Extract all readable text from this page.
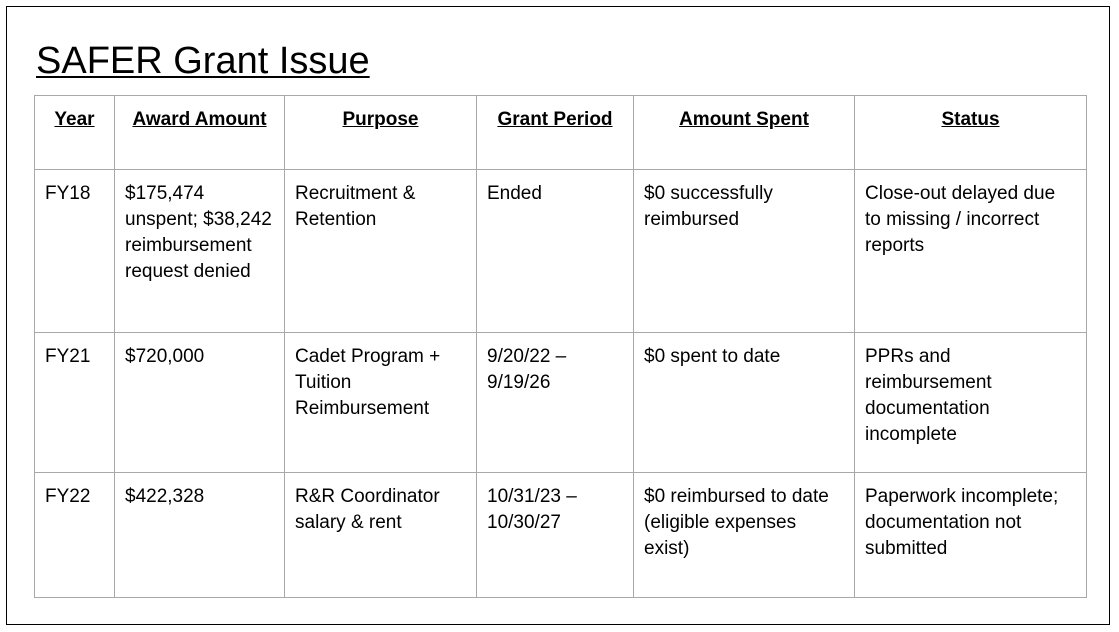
SAFER Grant Issue
Year	Award Amount	Purpose	Grant Period	Amount Spent	Status
FY18	$175,474 unspent; $38,242 reimbursement request denied	Recruitment & Retention	Ended	$0 successfully reimbursed	Close-out delayed due to missing / incorrect reports
FY21	$720,000	Cadet Program + Tuition Reimbursement	9/20/22 – 9/19/26	$0 spent to date	PPRs and reimbursement documentation incomplete
FY22	$422,328	R&R Coordinator salary & rent	10/31/23 – 10/30/27	$0 reimbursed to date (eligible expenses exist)	Paperwork incomplete; documentation not submitted
